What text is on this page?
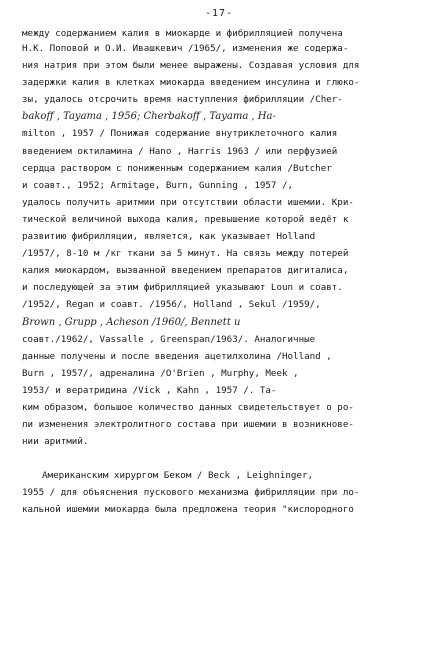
-17-
между содержанием калия в миокарде и фибрилляцией получена
Н.К. Поповой и О.И. Ивашкевич /1965/, изменения же содержа-
ния натрия при этом были менее выражены. Создавая условия для
задержки калия в клетках миокарда введением инсулина и глюко-
зы, удалось отсрочить время наступления фибрилляции /Cher-
bakoff , Tayama , 1956; Cherbakoff , Tayama , Ha-
milton , 1957 / Понижая содержание внутриклеточного калия
введением октиламина / Hano , Harris 1963 / или перфузией
сердца раствором с пониженным содержанием калия /Butcher
и соавт., 1952; Armitage, Burn, Gunning , 1957 /,
удалось получить аритмии при отсутствии области ишемии. Кри-
тической величиной выхода калия, превышение которой ведёт к
развитию фибрилляции, является, как указывает Holland
/1957/, 8-10 м /кг ткани за 5 минут. На связь между потерей
калия миокардом, вызванной введением препаратов дигиталиса,
и последующей за этим фибрилляцией указывают Loun и соавт.
/1952/, Regan и соавт. /1956/, Holland , Sekul /1959/,
Brown , Grupp , Acheson /1960/, Bennett и
соавт./1962/, Vassalle , Greenspan/1963/. Аналогичные
данные получены и после введения ацетилхолина /Holland ,
Burn , 1957/, адреналина /O'Brien , Murphy, Meek ,
1953/ и вератридина /Vick , Kahn , 1957 /. Та-
ким образом, большое количество данных свидетельствует о ро-
ли изменения электролитного состава при ишемии в возникнове-
нии аритмий.
Американским хирургом Беком / Beck , Leighninger,
1955 / для объяснения пускового механизма фибрилляции при ло-
кальной ишемии миокарда была предложена теория "кислородного
